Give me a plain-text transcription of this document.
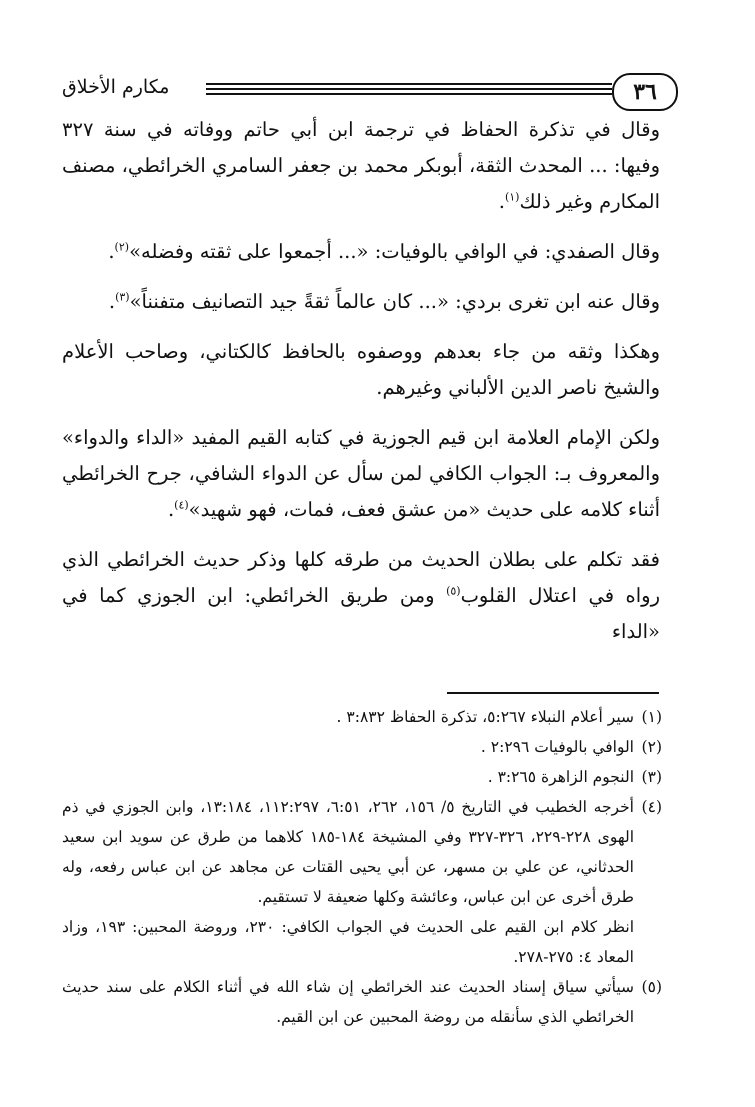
٣٦
مكارم الأخلاق

وقال في تذكرة الحفاظ في ترجمة ابن أبي حاتم ووفاته في سنة ٣٢٧ وفيها: ... المحدث الثقة، أبوبكر محمد بن جعفر السامري الخرائطي، مصنف المكارم وغير ذلك$^{(١)}$.

وقال الصفدي: في الوافي بالوفيات: «... أجمعوا على ثقته وفضله»$^{(٢)}$.

وقال عنه ابن تغرى بردي: «... كان عالماً ثقةً جيد التصانيف متفنناً»$^{(٣)}$.

وهكذا وثقه من جاء بعدهم ووصفوه بالحافظ كالكتاني، وصاحب الأعلام والشيخ ناصر الدين الألباني وغيرهم.

ولكن الإمام العلامة ابن قيم الجوزية في كتابه القيم المفيد «الداء والدواء» والمعروف بـ: الجواب الكافي لمن سأل عن الدواء الشافي، جرح الخرائطي أثناء كلامه على حديث «من عشق فعف، فمات، فهو شهيد»$^{(٤)}$.

فقد تكلم على بطلان الحديث من طرقه كلها وذكر حديث الخرائطي الذي رواه في اعتلال القلوب$^{(٥)}$ ومن طريق الخرائطي: ابن الجوزي كما في «الداء

(١)
سير أعلام النبلاء ٥:٢٦٧، تذكرة الحفاظ ٣:٨٣٢ .
(٢)
الوافي بالوفيات ٢:٢٩٦ .
(٣)
النجوم الزاهرة ٣:٢٦٥ .
(٤)
أخرجه الخطيب في التاريخ ٥/ ١٥٦، ٢٦٢، ٦:٥١، ١١٢:٢٩٧، ١٣:١٨٤، وابن الجوزي في ذم الهوى ٢٢٨-٢٢٩، ٣٢٦-٣٢٧ وفي المشيخة ١٨٤-١٨٥ كلاهما من طرق عن سويد ابن سعيد الحدثاني، عن علي بن مسهر، عن أبي يحيى القتات عن مجاهد عن ابن عباس رفعه، وله طرق أخرى عن ابن عباس، وعائشة وكلها ضعيفة لا تستقيم.

انظر كلام ابن القيم على الحديث في الجواب الكافي: ٢٣٠، وروضة المحبين: ١٩٣، وزاد المعاد ٤: ٢٧٥-٢٧٨.

(٥)
سيأتي سياق إسناد الحديث عند الخرائطي إن شاء الله في أثناء الكلام على سند حديث الخرائطي الذي سأنقله من روضة المحبين عن ابن القيم.
